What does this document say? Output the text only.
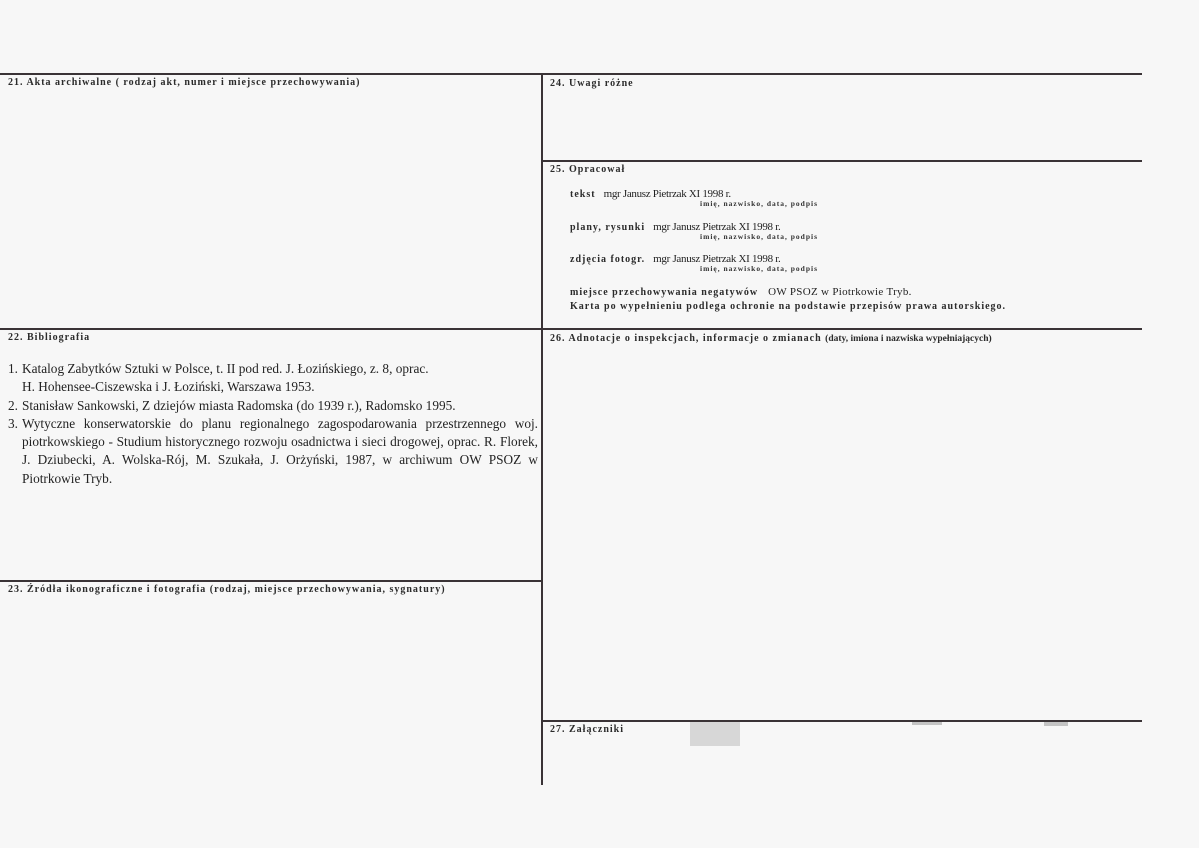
21. Akta archiwalne ( rodzaj akt, numer i miejsce przechowywania)	24. Uwagi różne
25. Opracował
tekst mgr Janusz Pietrzak XI 1998 r.
imię, nazwisko, data, podpis
plany, rysunki mgr Janusz Pietrzak XI 1998 r.
imię, nazwisko, data, podpis
zdjęcia fotogr. mgr Janusz Pietrzak XI 1998 r.
imię, nazwisko, data, podpis
miejsce przechowywania negatywów OW PSOZ w Piotrkowie Tryb.
Karta po wypełnieniu podlega ochronie na podstawie przepisów prawa autorskiego.
22. Bibliografia
1. Katalog Zabytków Sztuki w Polsce, t. II pod red. J. Łozińskiego, z. 8, oprac.
H. Hohensee-Ciszewska i J. Łoziński, Warszawa 1953.
2. Stanisław Sankowski, Z dziejów miasta Radomska (do 1939 r.), Radomsko 1995.
3. Wytyczne konserwatorskie do planu regionalnego zagospodarowania przestrzennego woj. piotrkowskiego - Studium historycznego rozwoju osadnictwa i sieci drogowej, oprac. R. Florek, J. Dziubecki, A. Wolska-Rój, M. Szukała, J. Orżyński, 1987, w archiwum OW PSOZ w Piotrkowie Tryb.
26. Adnotacje o inspekcjach, informacje o zmianach (daty, imiona i nazwiska wypełniających)
23. Źródła ikonograficzne i fotografia (rodzaj, miejsce przechowywania, sygnatury)
27. Załączniki
